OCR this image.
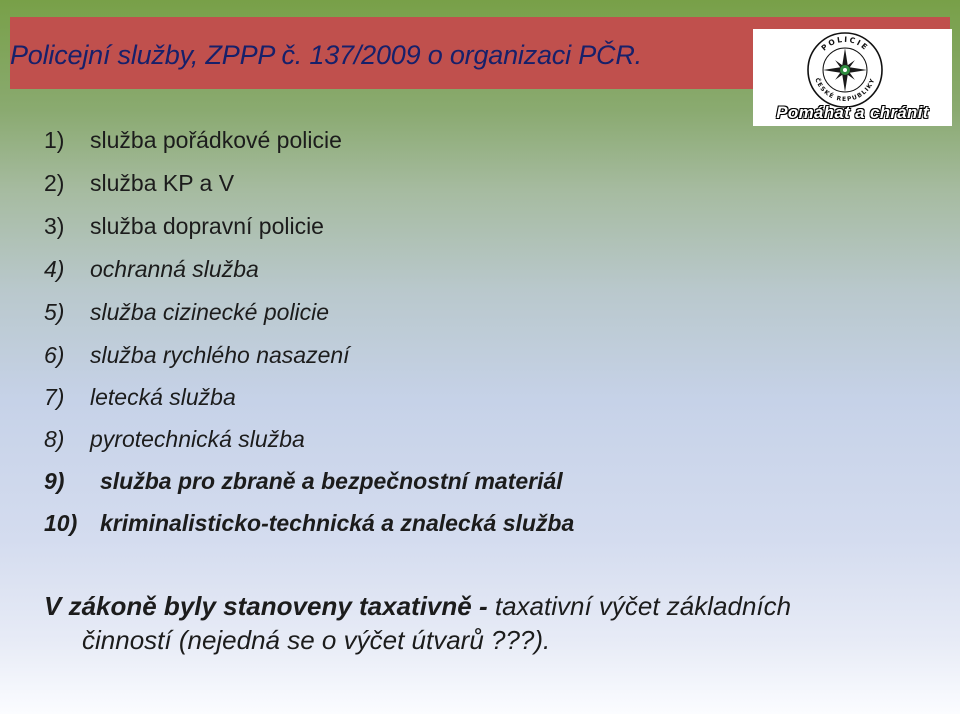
Policejní služby, ZPPP č. 137/2009 o organizaci PČR.	POLICIE
ČESKÉ REPUBLIKY
Pomáhat a chránit
1) služba pořádkové policie
2) služba KP a V
3) služba dopravní policie
4) ochranná služba
5) služba cizinecké policie
6) služba rychlého nasazení
7) letecká služba
8) pyrotechnická služba
9) služba pro zbraně a bezpečnostní materiál
10) kriminalisticko-technická a znalecká služba
V zákoně byly stanoveny taxativně - taxativní výčet základních
činností (nejedná se o výčet útvarů ???).
